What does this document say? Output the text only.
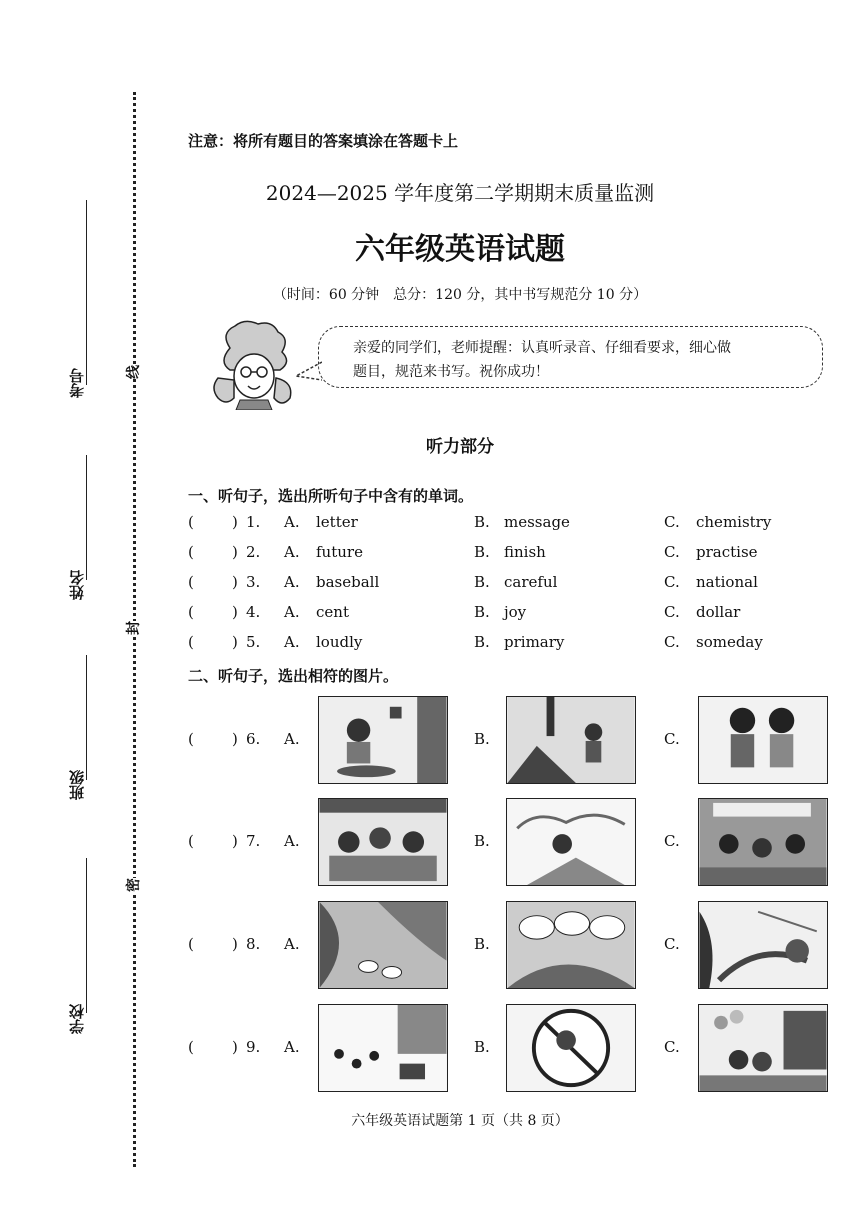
考号
姓名
班级
学校
线
封
密
注意：将所有题目的答案填涂在答题卡上
2024—2025 学年度第二学期期末质量监测
六年级英语试题
（时间：60 分钟　总分：120 分，其中书写规范分 10 分）
亲爱的同学们，老师提醒：认真听录音、仔细看要求，细心做
题目，规范来书写。祝你成功！
听力部分
一、听句子，选出所听句子中含有的单词。
(	) 1. A. letter	B. message	C. chemistry
(	) 2. A. future	B. finish	C. practise
(	) 3. A. baseball	B. careful	C. national
(	) 4. A. cent	B. joy	C. dollar
(	) 5. A. loudly	B. primary	C. someday
二、听句子，选出相符的图片。
(	) 6. A.	B.	C.
(	) 7. A.	B.	C.
(	) 8. A.	B.	C.
(	) 9. A.	B.	C.
六年级英语试题第 1 页（共 8 页）
